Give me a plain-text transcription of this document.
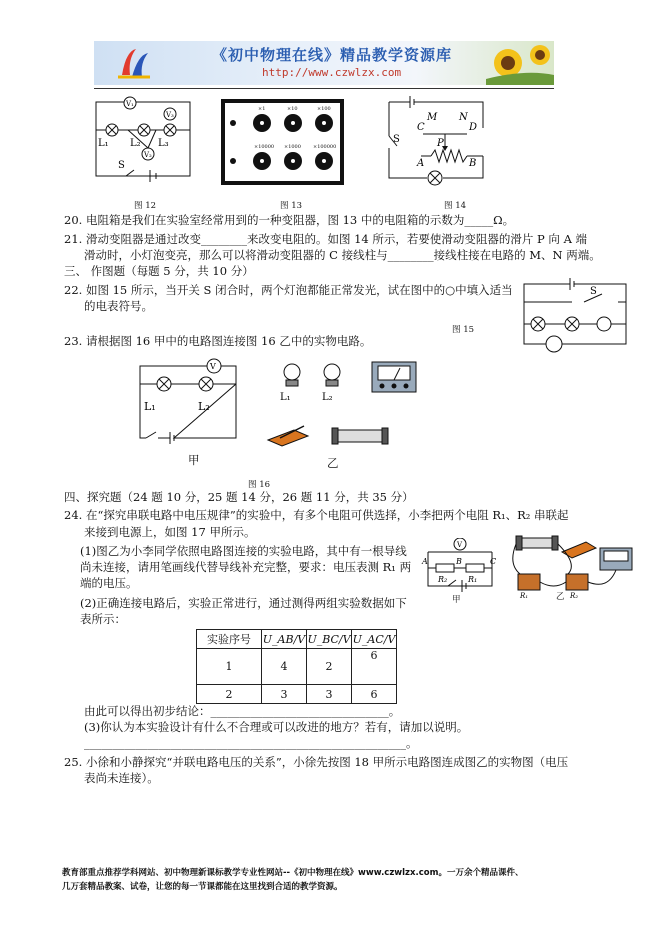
《初中物理在线》精品教学资源库
http://www.czwlzx.com
V₁
V₃
V₂
L₁ L₂ L₃
S
图 12
×1	×10	×100
×10000 ×1000 ×100000
图 13
M N
C	D
P
A	B
S
图 14
20. 电阻箱是我们在实验室经常用到的一种变阻器，图 13 中的电阻箱的示数为_____Ω。
21. 滑动变阻器是通过改变________来改变电阻的。如图 14 所示，若要使滑动变阻器的滑片 P 向 A 端
滑动时，小灯泡变亮，那么可以将滑动变阻器的 C 接线柱与________接线柱接在电路的 M、N 两端。
三、 作图题（每题 5 分，共 10 分）
22. 如图 15 所示，当开关 S 闭合时，两个灯泡都能正常发光，试在图中的○中填入适当
的电表符号。
图 15
S
23. 请根据图 16 甲中的电路图连接图 16 乙中的实物电路。
V
L₁	L₂
甲
L₁	L₂
乙
图 16
四、探究题（24 题 10 分，25 题 14 分，26 题 11 分，共 35 分）
24. 在“探究串联电路中电压规律”的实验中，有多个电阻可供选择，小李把两个电阻 R₁、R₂ 串联起
来接到电源上，如图 17 甲所示。
(1)图乙为小李同学依照电路图连接的实验电路，其中有一根导线
尚未连接，请用笔画线代替导线补充完整，要求：电压表测 R₁ 两
端的电压。
(2)正确连接电路后，实验正常进行，通过测得两组实验数据如下
表所示：
V
A	B	C
R₂	R₁
甲	R₁	R₂
乙
实验序号	U_AB/V	U_BC/V	U_AC/V
1	4	2	6
2	3	3	6
由此可以得出初步结论：_______________________________。
(3)你认为本实验设计有什么不合理或可以改进的地方？若有，请加以说明。
________________________________________________________。
25. 小徐和小静探究“并联电路电压的关系”，小徐先按图 18 甲所示电路图连成图乙的实物图（电压
表尚未连接）。
教育部重点推荐学科网站、初中物理新课标教学专业性网站--《初中物理在线》www.czwlzx.com。一万余个精品课件、
几万套精品教案、试卷，让您的每一节课都能在这里找到合适的教学资源。
